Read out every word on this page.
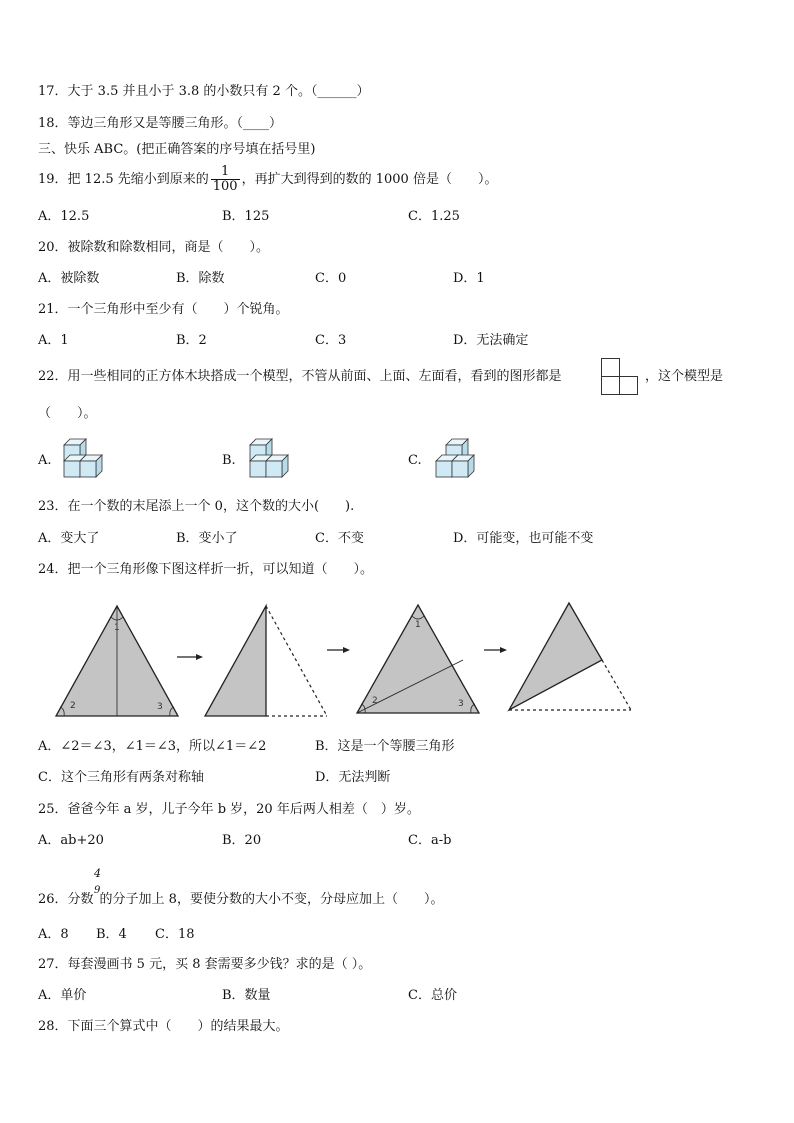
17．大于 3.5 并且小于 3.8 的小数只有 2 个。（______）
18．等边三角形又是等腰三角形。（____）
三、快乐 ABC。(把正确答案的序号填在括号里)
19．把 12.5 先缩小到原来的 $\frac{1}{100}$ ，再扩大到得到的数的 1000 倍是（　　）。
A．12.5	B．125	C．1.25
20．被除数和除数相同，商是（　　）。
A．被除数	B．除数	C．0	D．1
21．一个三角形中至少有（　　）个锐角。
A．1	B．2	C．3	D．无法确定
22．用一些相同的正方体木块搭成一个模型，不管从前面、上面、左面看，看到的图形都是	，这个模型是
（　　）。
A.	B.	C.
23．在一个数的末尾添上一个 0，这个数的大小(　　).
A．变大了	B．变小了	C．不变	D．可能变，也可能不变
24．把一个三角形像下图这样折一折，可以知道（　　）。
1
2	3
1
2	3
A．∠2＝∠3，∠1＝∠3，所以∠1＝∠2	B．这是一个等腰三角形
C．这个三角形有两条对称轴	D．无法判断
25．爸爸今年 a 岁，儿子今年 b 岁，20 年后两人相差（　）岁。
A．ab+20	B．20	C．a-b
4
9
26．分数 的分子加上 8，要使分数的大小不变，分母应加上（　　）。
A．8 B．4 C．18
27．每套漫画书 5 元，买 8 套需要多少钱？求的是（ ）。
A．单价	B．数量	C．总价
28．下面三个算式中（　　）的结果最大。
